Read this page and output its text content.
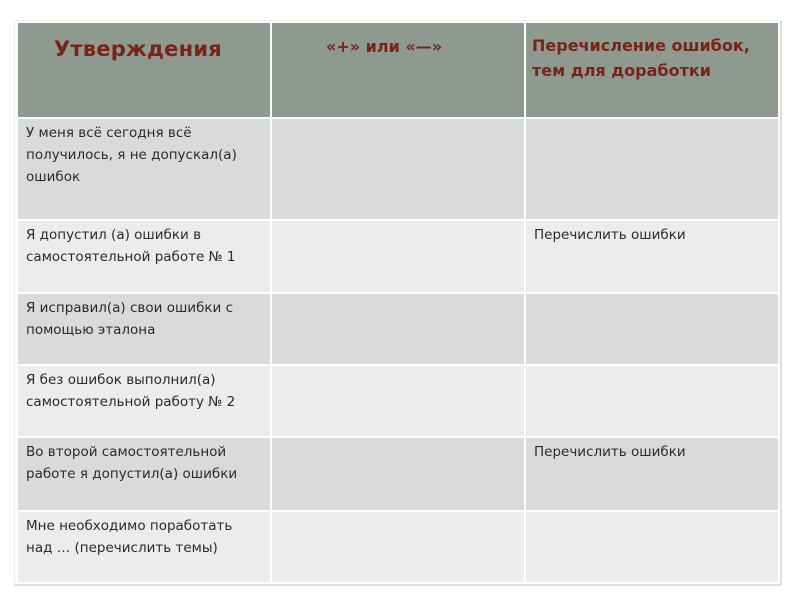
Утверждения	«+» или «—»	Перечисление ошибок, тем для доработки

У меня всё сегодня всё получилось, я не допускал(а) ошибок		
Я допустил (а) ошибки в самостоятельной работе № 1		Перечислить ошибки
Я исправил(а) свои ошибки с помощью эталона		
Я без ошибок выполнил(а) самостоятельной работу № 2		
Во второй самостоятельной работе я допустил(а) ошибки		Перечислить ошибки
Мне необходимо поработать над … (перечислить темы)		
